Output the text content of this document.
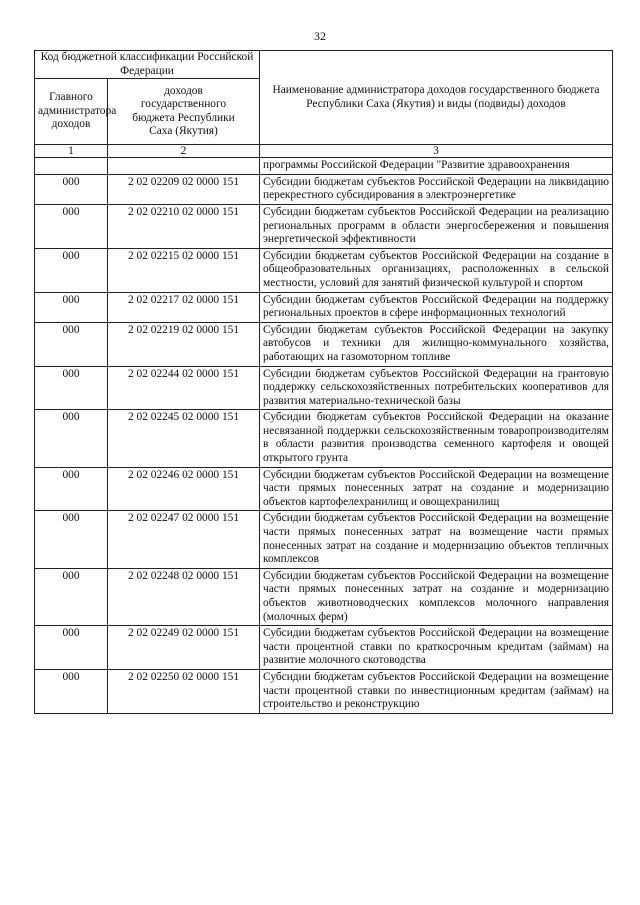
32
Код бюджетной классификации Российской Федерации		Наименование администратора доходов государственного бюджета Республики Саха (Якутия) и виды (подвиды) доходов
Главного администратора доходов	доходов государственного бюджета Республики Саха (Якутия)	
1	2	3
		программы Российской Федерации "Развитие здравоохранения
000	2 02 02209 02 0000 151	Субсидии бюджетам субъектов Российской Федерации на ликвидацию перекрестного субсидирования в электроэнергетике
000	2 02 02210 02 0000 151	Субсидии бюджетам субъектов Российской Федерации на реализацию региональных программ в области энергосбережения и повышения энергетической эффективности
000	2 02 02215 02 0000 151	Субсидии бюджетам субъектов Российской Федерации на создание в общеобразовательных организациях, расположенных в сельской местности, условий для занятий физической культурой и спортом
000	2 02 02217 02 0000 151	Субсидии бюджетам субъектов Российской Федерации на поддержку региональных проектов в сфере информационных технологий
000	2 02 02219 02 0000 151	Субсидии бюджетам субъектов Российской Федерации на закупку автобусов и техники для жилищно-коммунального хозяйства, работающих на газомоторном топливе
000	2 02 02244 02 0000 151	Субсидии бюджетам субъектов Российской Федерации на грантовую поддержку сельскохозяйственных потребительских кооперативов для развития материально-технической базы
000	2 02 02245 02 0000 151	Субсидии бюджетам субъектов Российской Федерации на оказание несвязанной поддержки сельскохозяйственным товаропроизводителям в области развития производства семенного картофеля и овощей открытого грунта
000	2 02 02246 02 0000 151	Субсидии бюджетам субъектов Российской Федерации на возмещение части прямых понесенных затрат на создание и модернизацию объектов картофелехранилищ и овощехранилищ
000	2 02 02247 02 0000 151	Субсидии бюджетам субъектов Российской Федерации на возмещение части прямых понесенных затрат на возмещение части прямых понесенных затрат на создание и модернизацию объектов тепличных комплексов
000	2 02 02248 02 0000 151	Субсидии бюджетам субъектов Российской Федерации на возмещение части прямых понесенных затрат на создание и модернизацию объектов животноводческих комплексов молочного направления (молочных ферм)
000	2 02 02249 02 0000 151	Субсидии бюджетам субъектов Российской Федерации на возмещение части процентной ставки по краткосрочным кредитам (займам) на развитие молочного скотоводства
000	2 02 02250 02 0000 151	Субсидии бюджетам субъектов Российской Федерации на возмещение части процентной ставки по инвестиционным кредитам (займам) на строительство и реконструкцию
